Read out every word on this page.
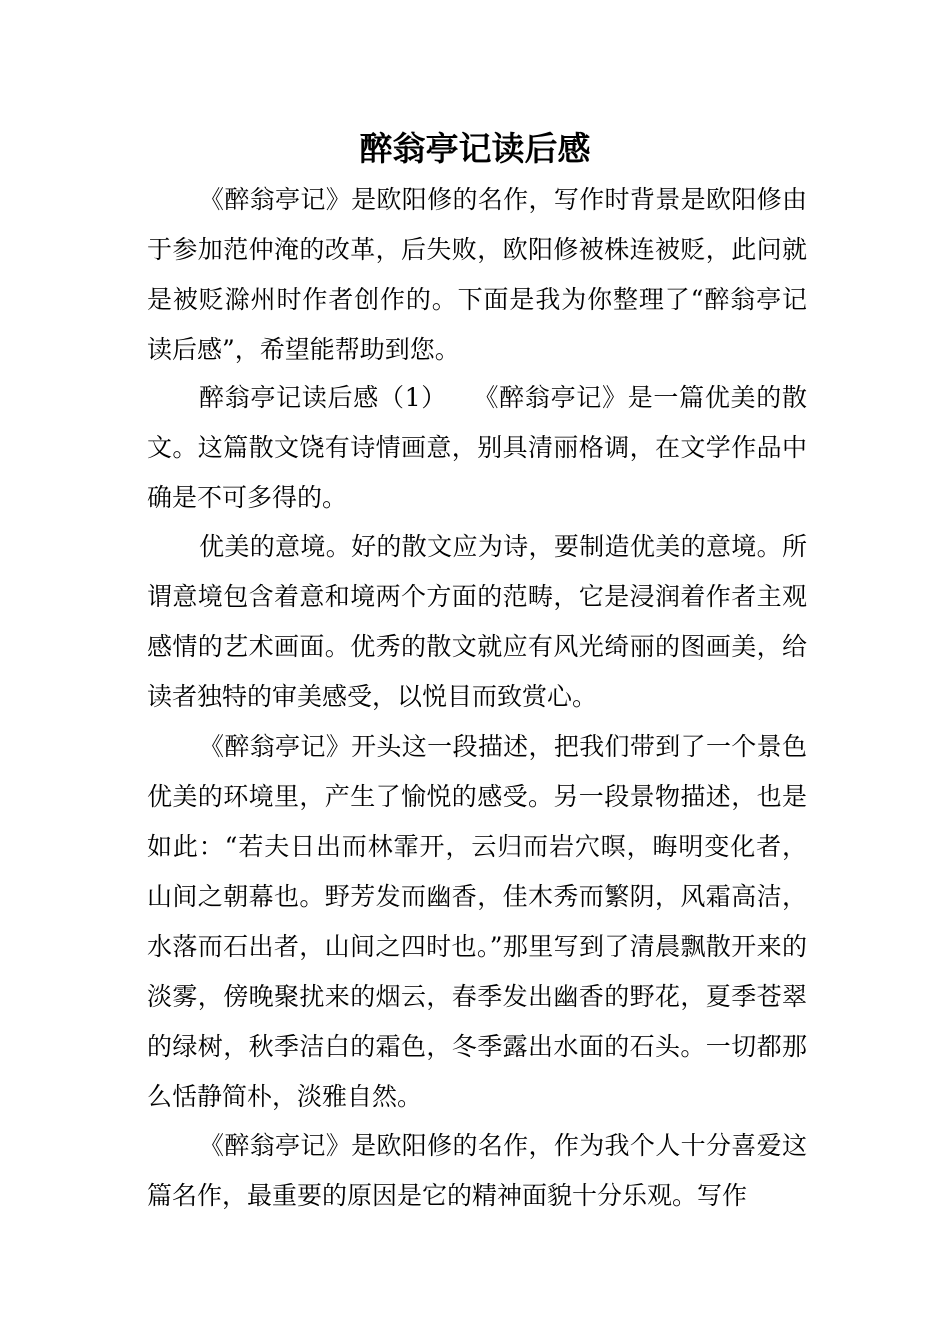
醉翁亭记读后感

《醉翁亭记》是欧阳修的名作，写作时背景是欧阳修由于参加范仲淹的改革，后失败，欧阳修被株连被贬，此问就是被贬滁州时作者创作的。下面是我为你整理了“醉翁亭记读后感”，希望能帮助到您。

醉翁亭记读后感（1）　　《醉翁亭记》是一篇优美的散文。这篇散文饶有诗情画意，别具清丽格调，在文学作品中确是不可多得的。

优美的意境。好的散文应为诗，要制造优美的意境。所谓意境包含着意和境两个方面的范畴，它是浸润着作者主观感情的艺术画面。优秀的散文就应有风光绮丽的图画美，给读者独特的审美感受，以悦目而致赏心。

《醉翁亭记》开头这一段描述，把我们带到了一个景色优美的环境里，产生了愉悦的感受。另一段景物描述，也是如此：“若夫日出而林霏开，云归而岩穴暝，晦明变化者，山间之朝幕也。野芳发而幽香，佳木秀而繁阴，风霜高洁，水落而石出者，山间之四时也。”那里写到了清晨飘散开来的淡雾，傍晚聚扰来的烟云，春季发出幽香的野花，夏季苍翠的绿树，秋季洁白的霜色，冬季露出水面的石头。一切都那么恬静简朴，淡雅自然。

《醉翁亭记》是欧阳修的名作，作为我个人十分喜爱这篇名作，最重要的原因是它的精神面貌十分乐观。写作
